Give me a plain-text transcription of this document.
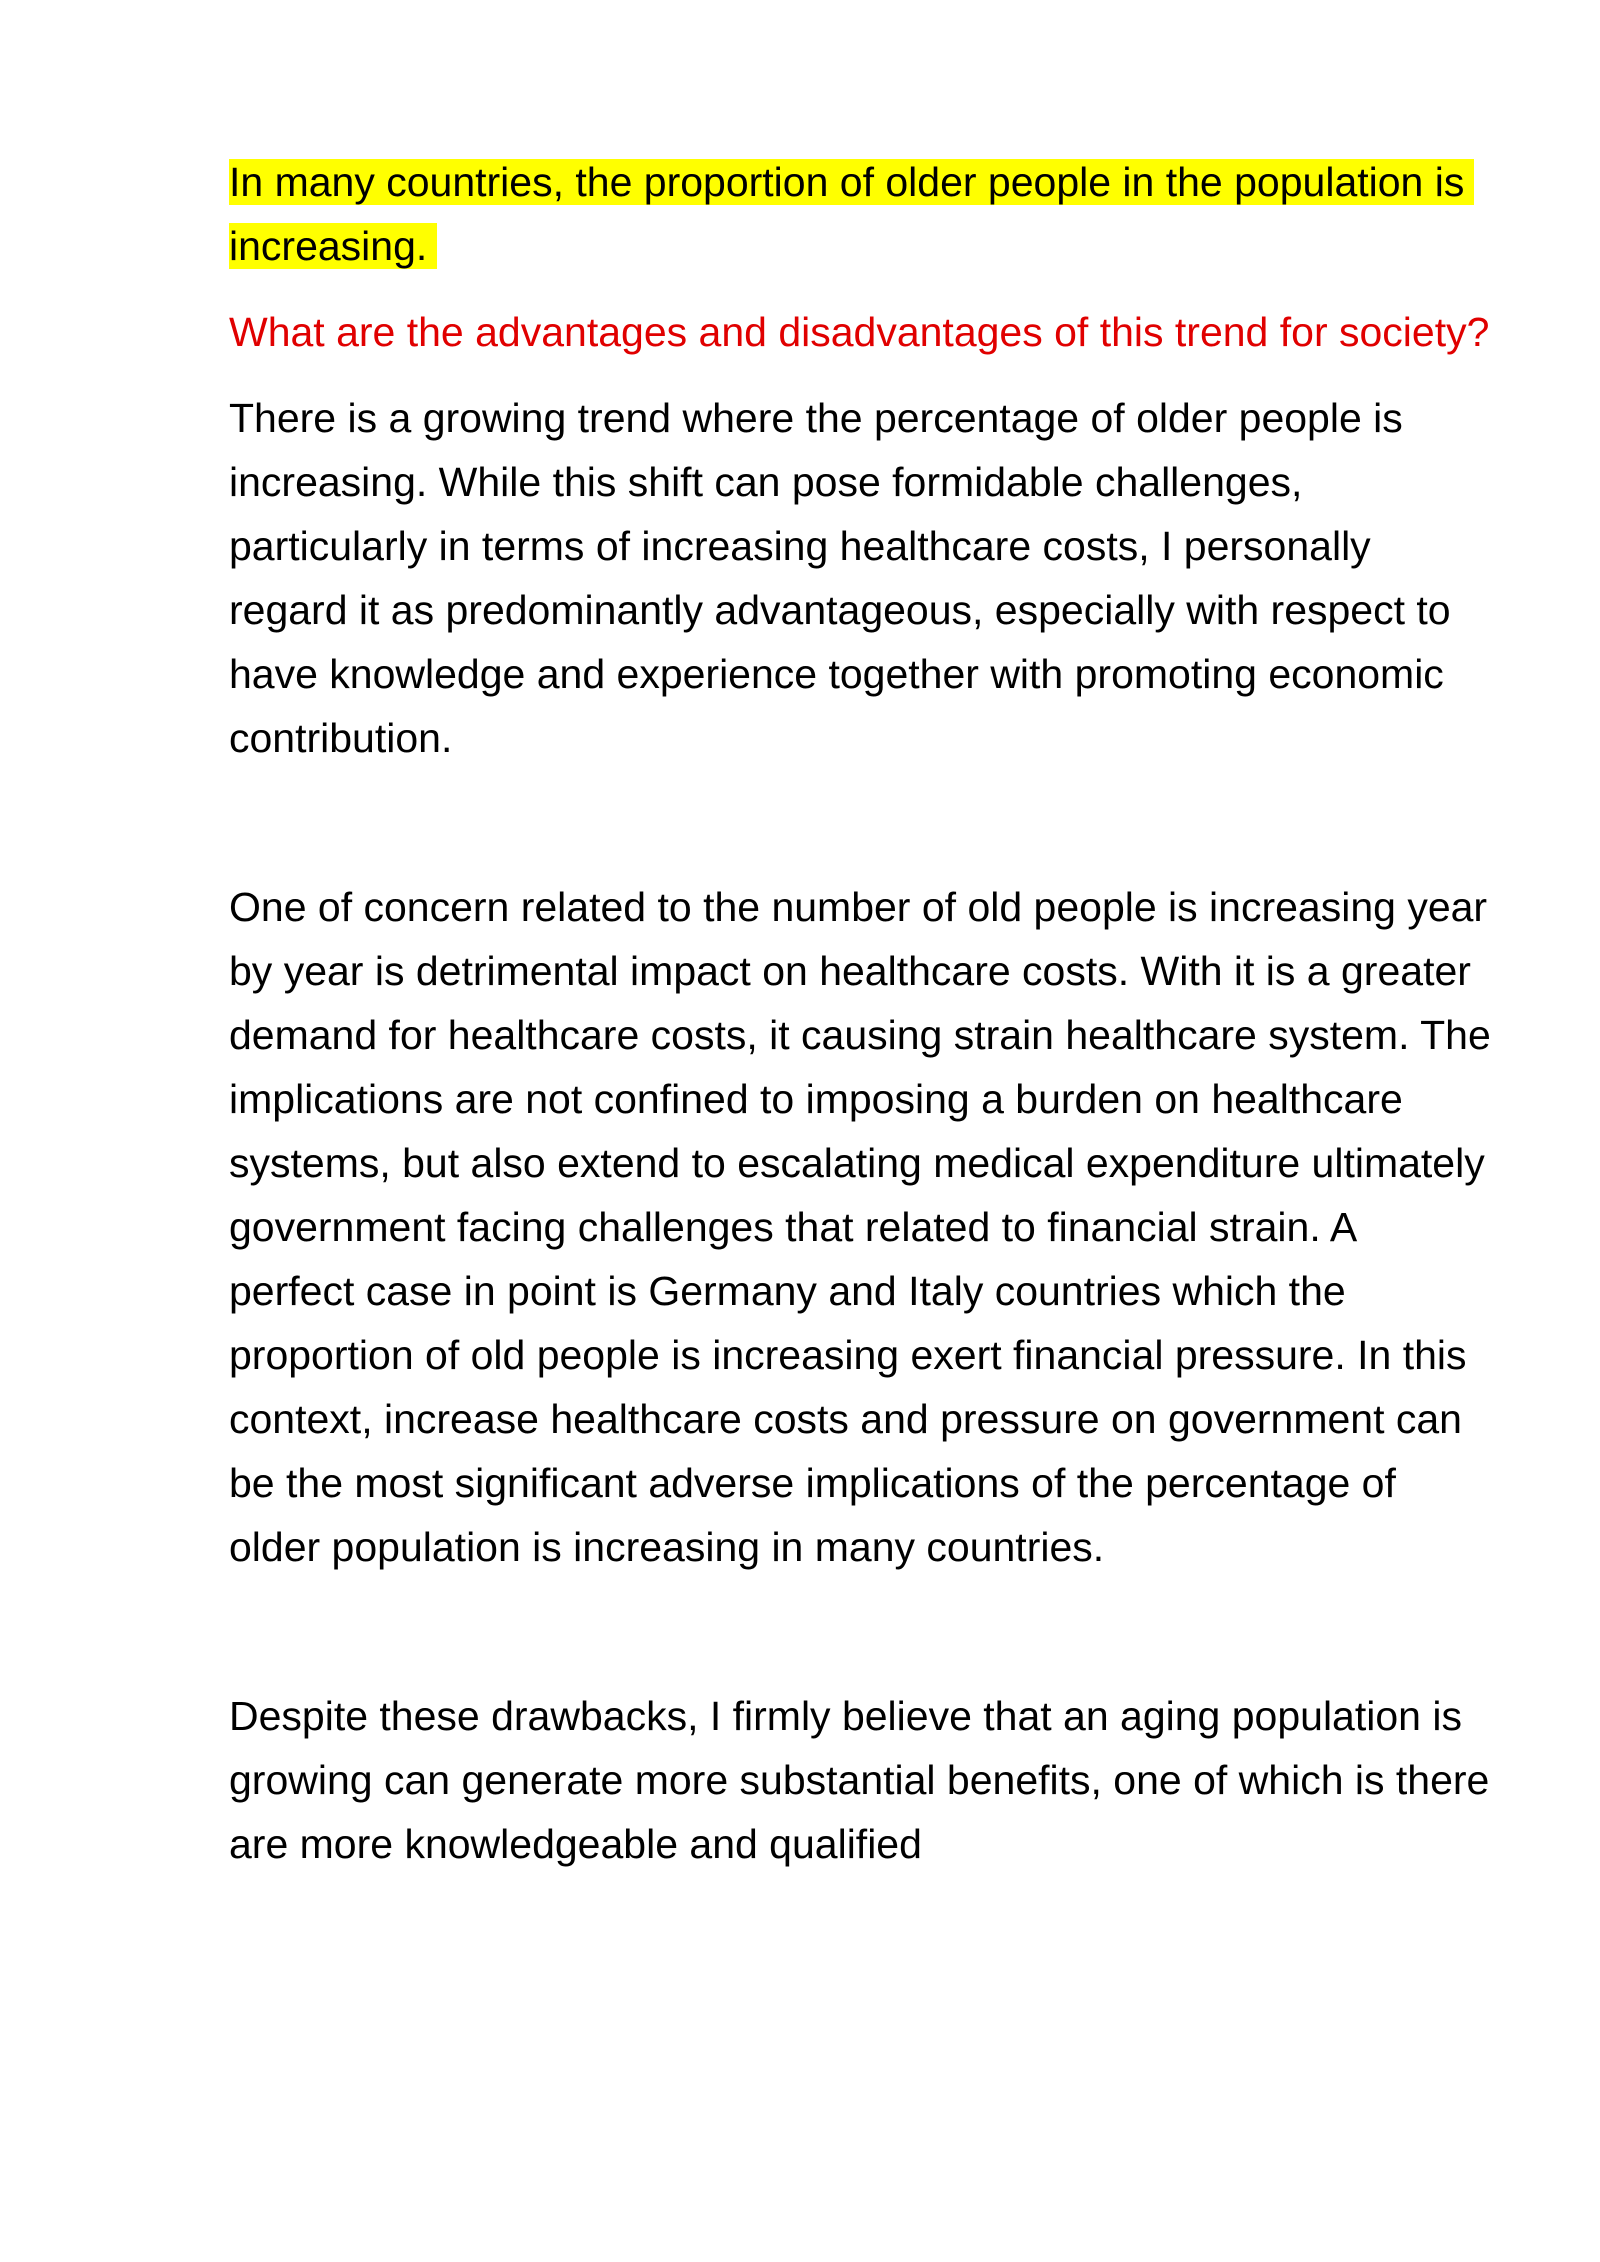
In many countries, the proportion of older people in the population is increasing.

What are the advantages and disadvantages of this trend for society?

There is a growing trend where the percentage of older people is increasing. While this shift can pose formidable challenges, particularly in terms of increasing healthcare costs, I personally regard it as predominantly advantageous, especially with respect to have knowledge and experience together with promoting economic contribution.

One of concern related to the number of old people is increasing year by year is detrimental impact on healthcare costs. With it is a greater demand for healthcare costs, it causing strain healthcare system. The implications are not confined to imposing a burden on healthcare systems, but also extend to escalating medical expenditure ultimately government facing challenges that related to financial strain. A perfect case in point is Germany and Italy countries which the proportion of old people is increasing exert financial pressure. In this context, increase healthcare costs and pressure on government can be the most significant adverse implications of the percentage of older population is increasing in many countries.

Despite these drawbacks, I firmly believe that an aging population is growing can generate more substantial benefits, one of which is there are more knowledgeable and qualified
